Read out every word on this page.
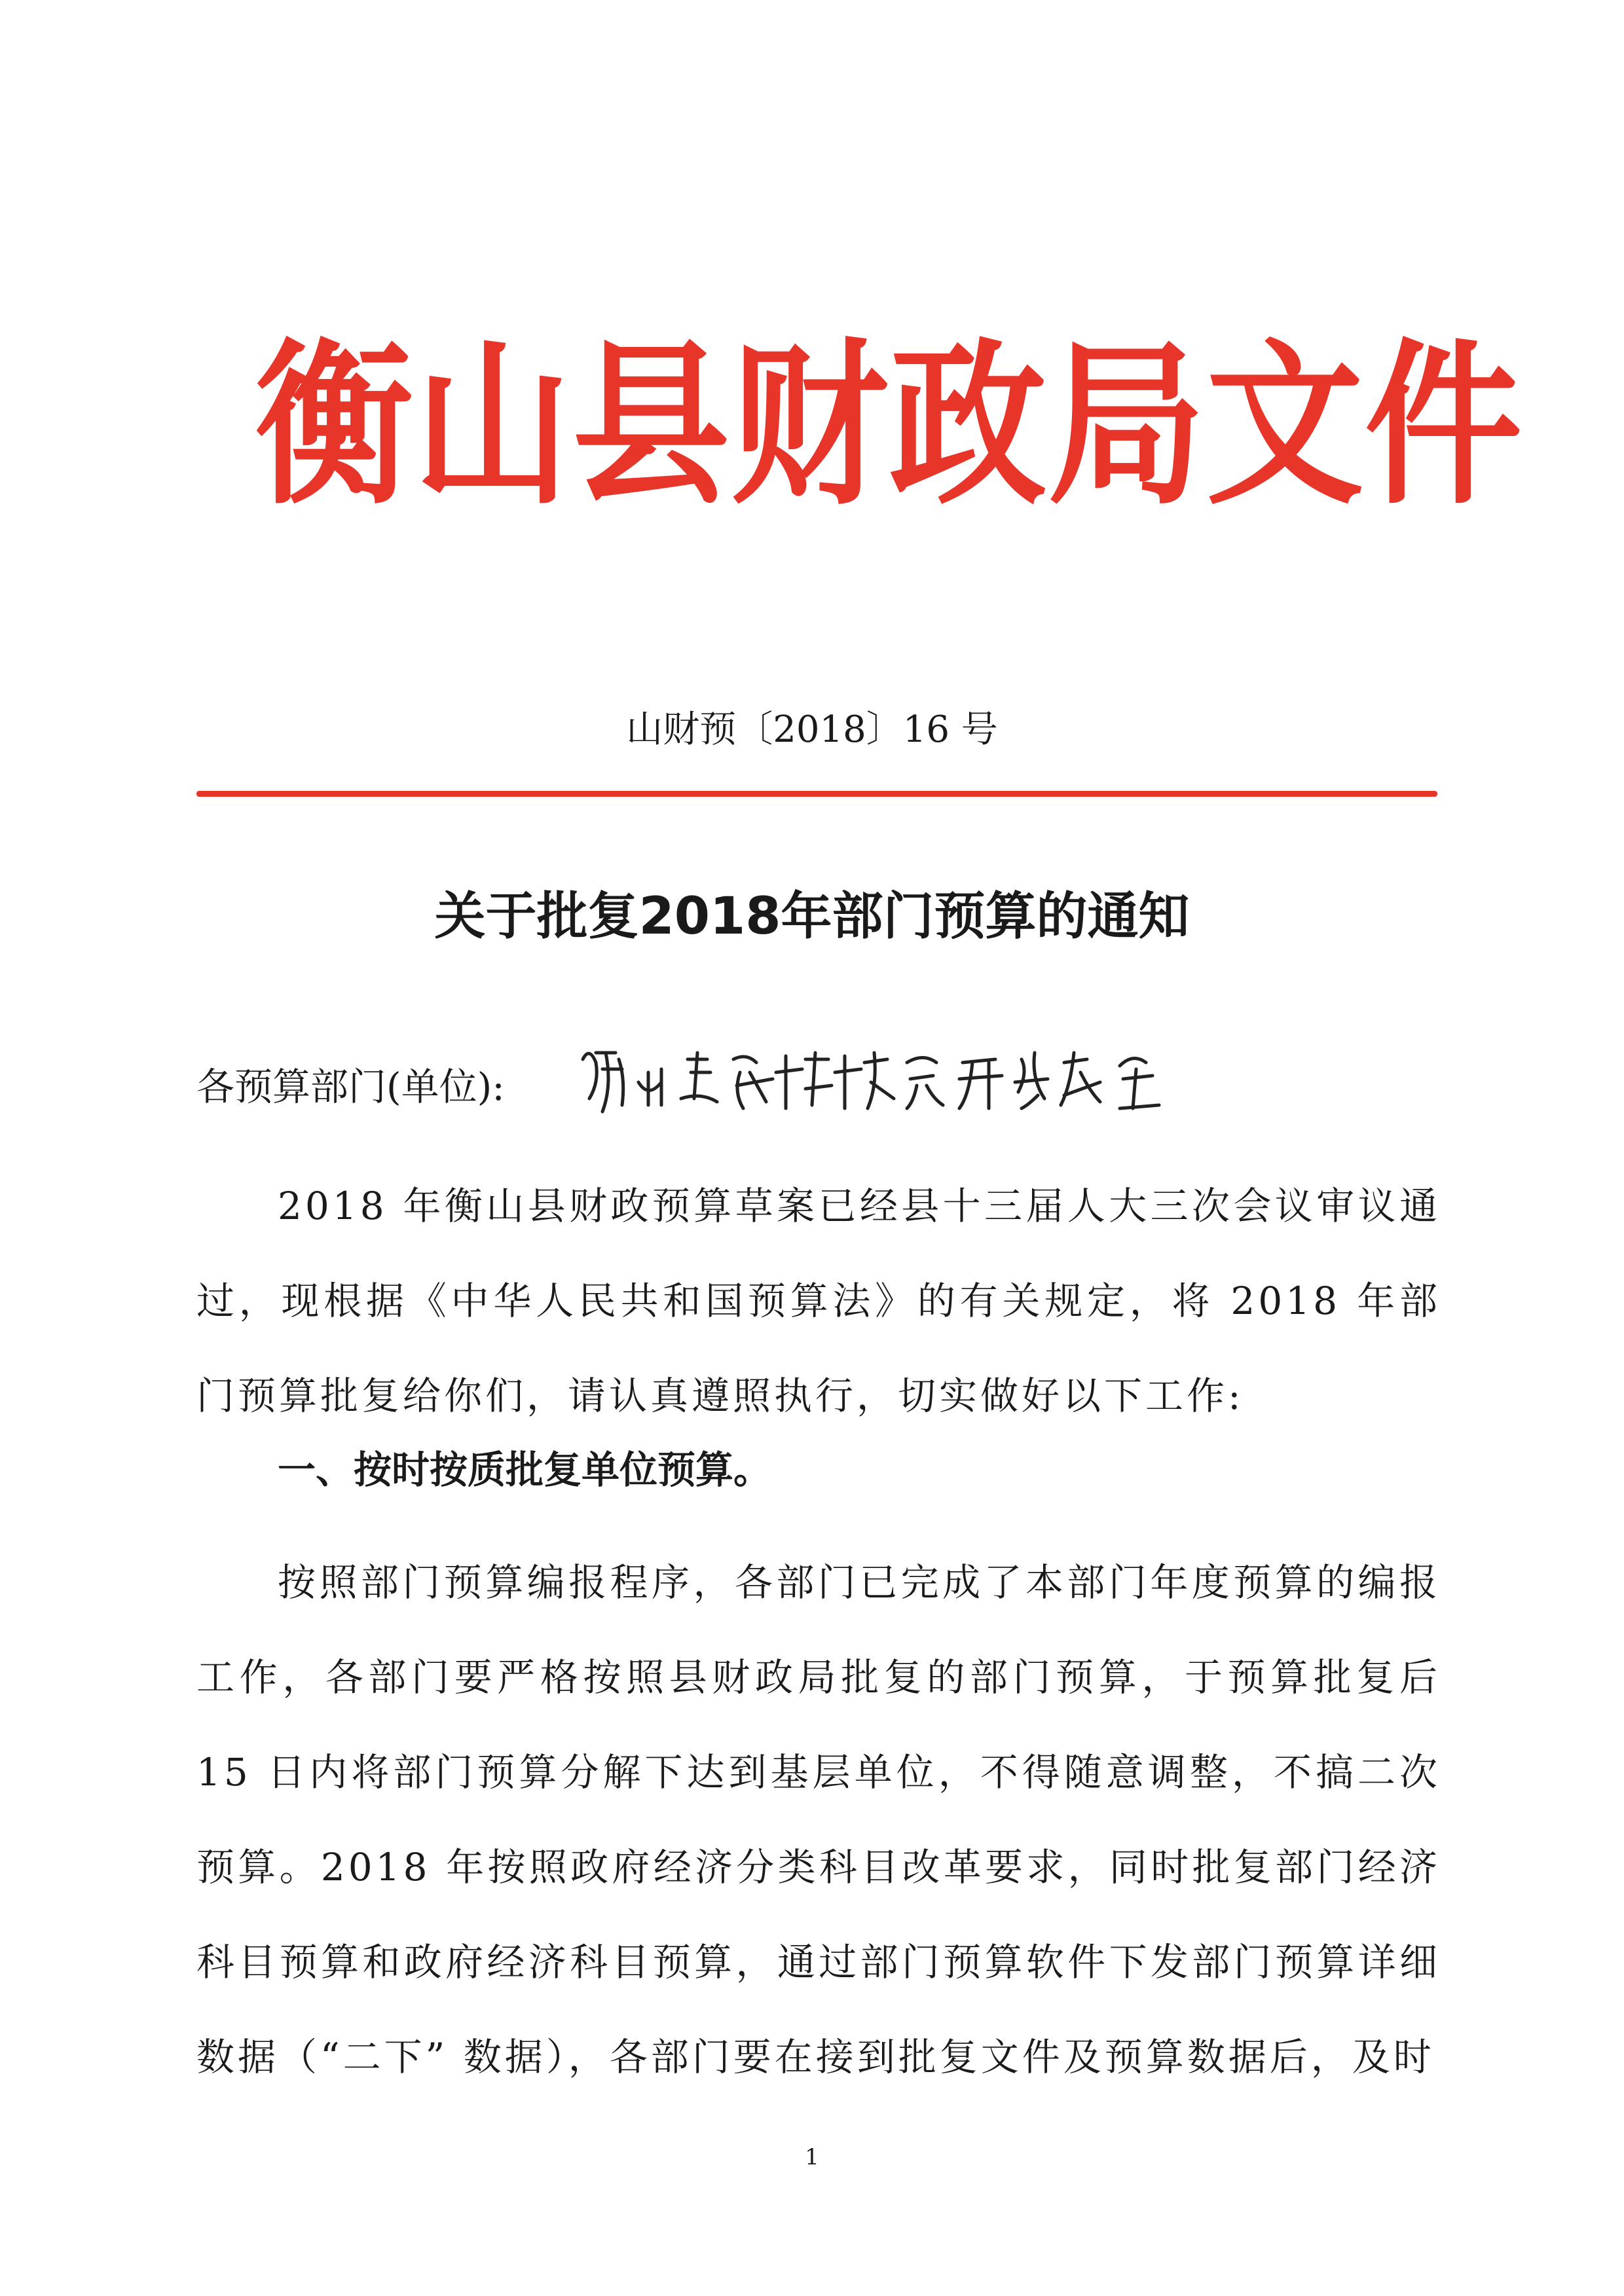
衡山县财政局文件
山财预〔2018〕16 号
关于批复2018年部门预算的通知
各预算部门(单位):

2018 年衡山县财政预算草案已经县十三届人大三次会议审议通过，现根据《中华人民共和国预算法》的有关规定，将 2018 年部门预算批复给你们，请认真遵照执行，切实做好以下工作:

一、按时按质批复单位预算。

按照部门预算编报程序，各部门已完成了本部门年度预算的编报工作，各部门要严格按照县财政局批复的部门预算，于预算批复后 15 日内将部门预算分解下达到基层单位，不得随意调整，不搞二次预算。2018 年按照政府经济分类科目改革要求，同时批复部门经济科目预算和政府经济科目预算，通过部门预算软件下发部门预算详细数据（“二下” 数据），各部门要在接到批复文件及预算数据后，及时

1
